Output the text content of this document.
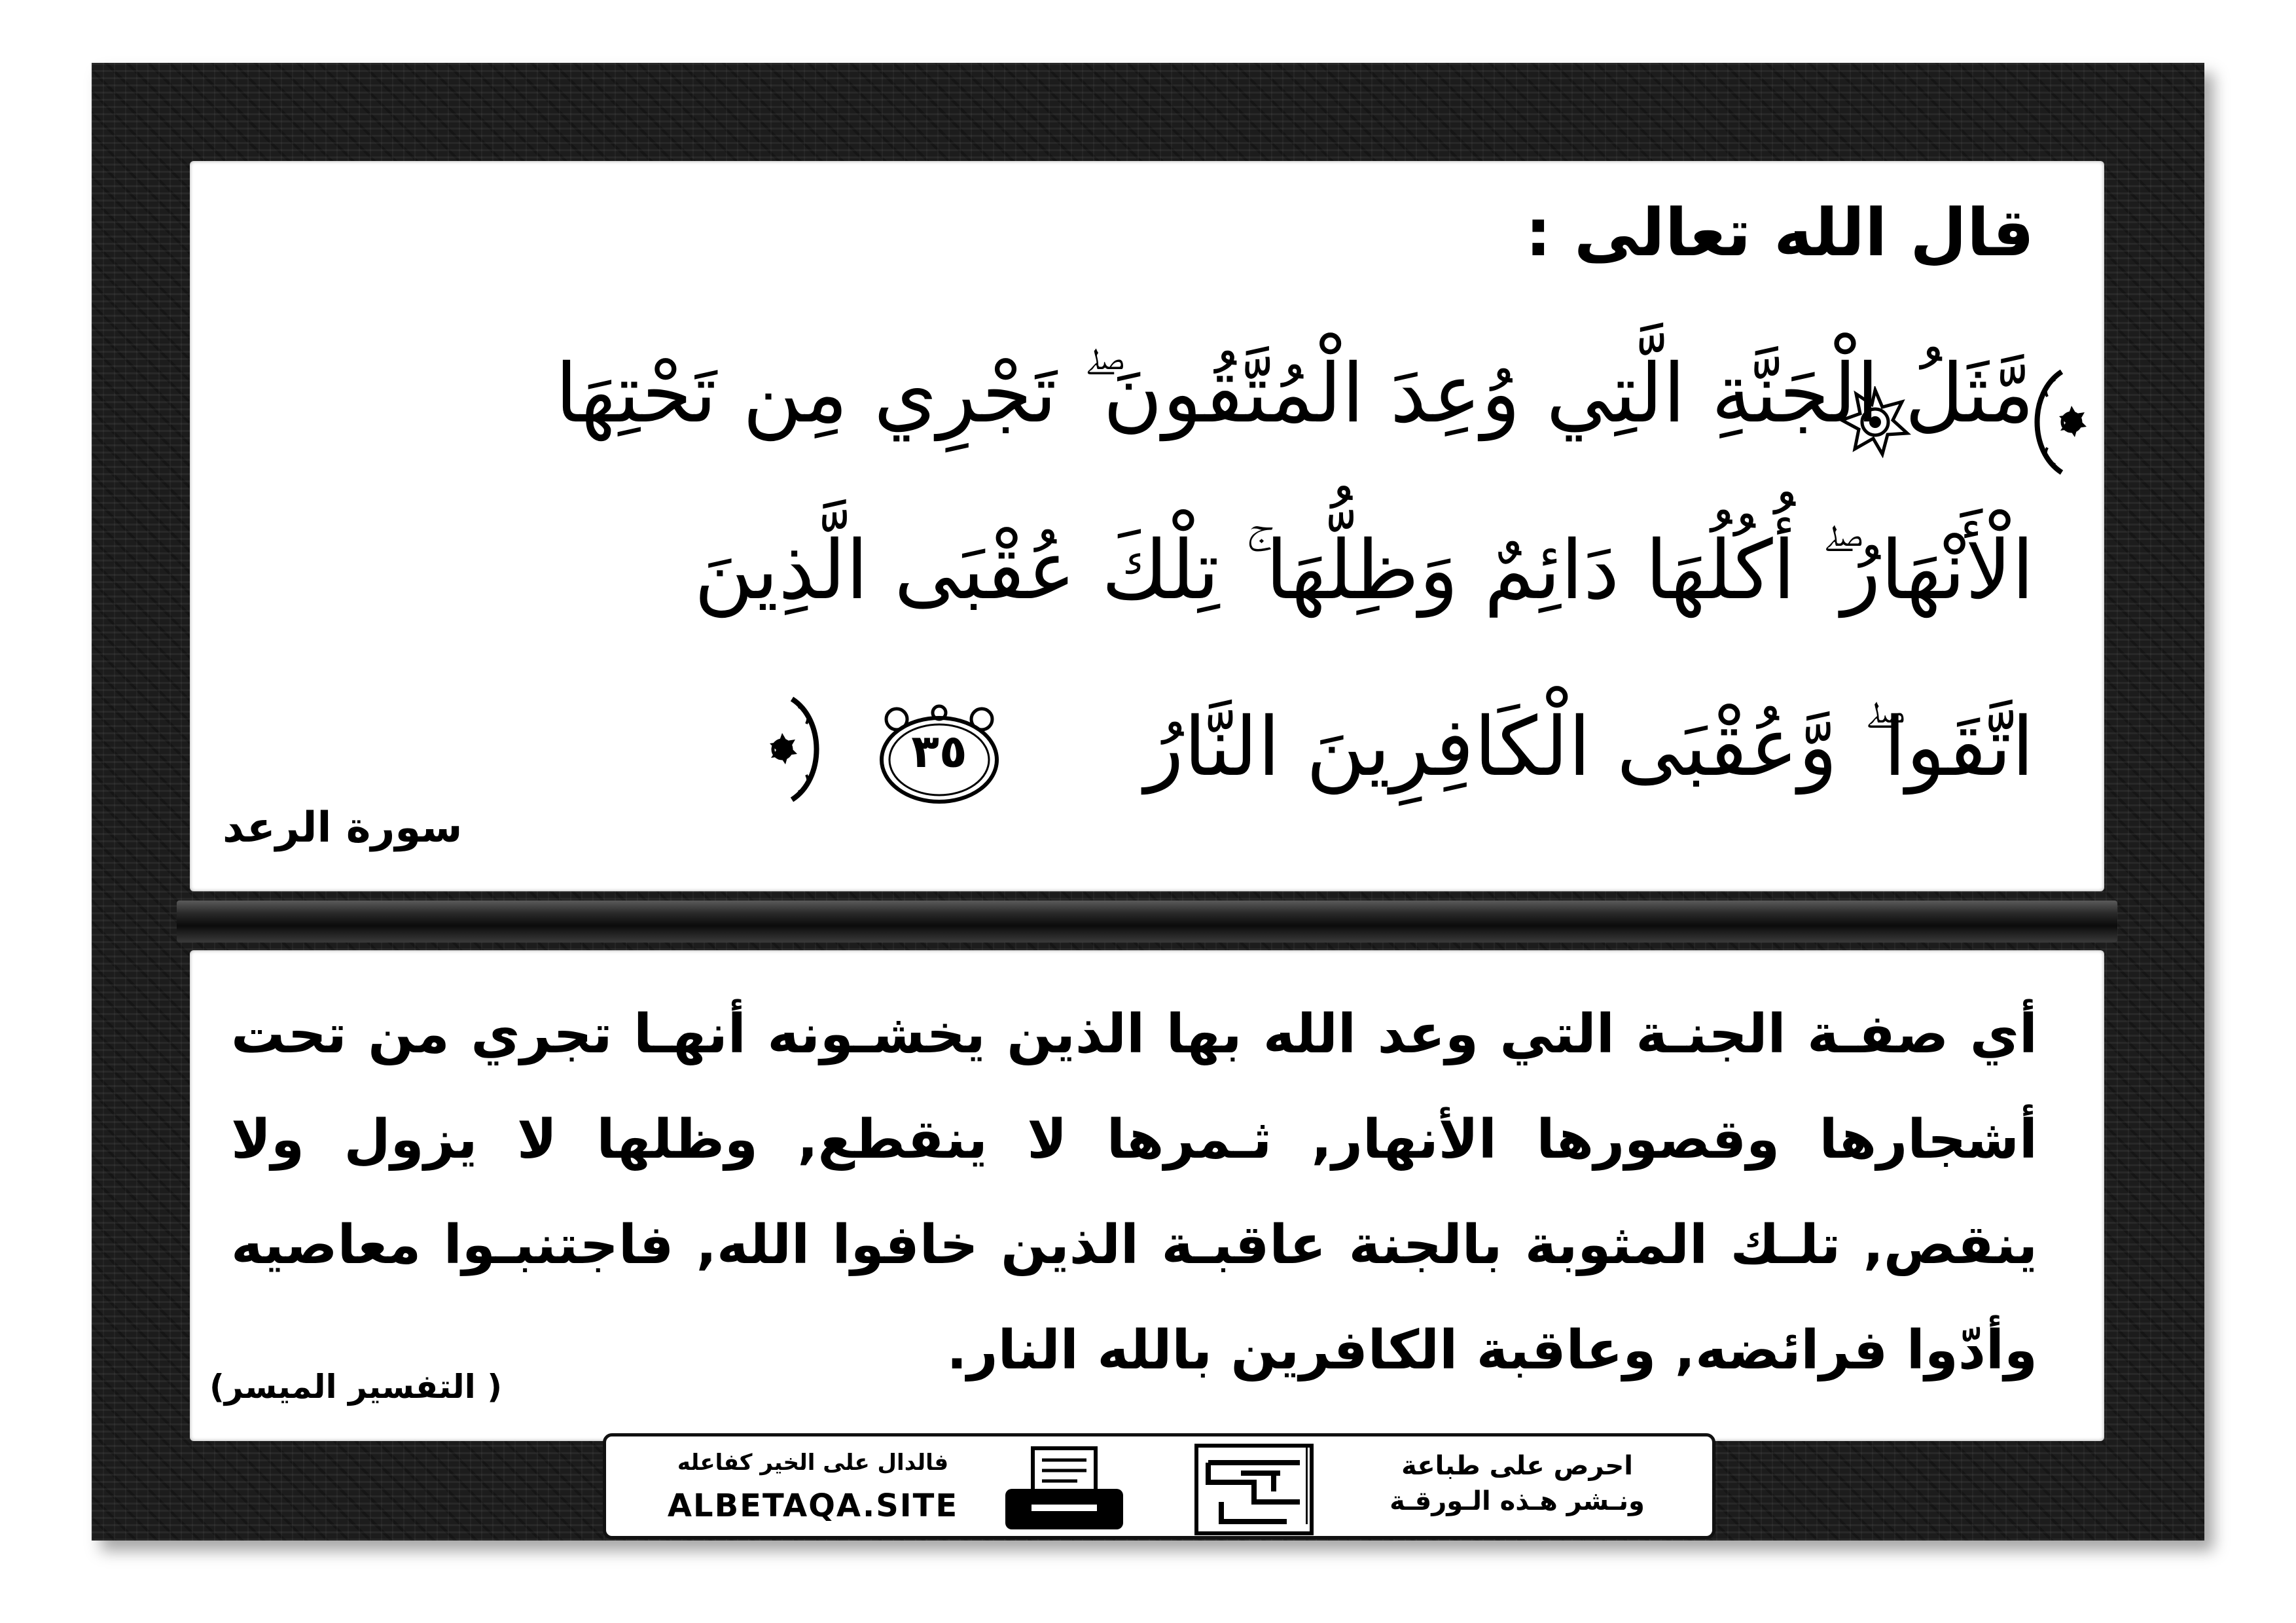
قال الله تعالى :
مَّثَلُ الْجَنَّةِ الَّتِي وُعِدَ الْمُتَّقُونَ ۖ تَجْرِي مِن تَحْتِهَا
الْأَنْهَارُ ۖ أُكُلُهَا دَائِمٌ وَظِلُّهَا ۚ تِلْكَ عُقْبَى الَّذِينَ
اتَّقَوا ۖ وَّعُقْبَى الْكَافِرِينَ النَّارُ
٣٥
سورة الرعد
أي صفـة الجنـة التي وعد الله بها الذين يخشـونه أنهـا تجري من تحت أشجارها وقصورها الأنهار, ثـمرها لا ينقطع, وظلها لا يزول ولا ينقص, تلـك المثوبة بالجنة عاقبـة الذين خافوا الله, فاجتنبـوا معاصيه وأدّوا فرائضه, وعاقبة الكافرين بالله النار.
( التفسير الميسر)
احرص على طباعة
ونـشر هـذه الـورقـة
فالدال على الخير كفاعله
ALBETAQA.SITE
